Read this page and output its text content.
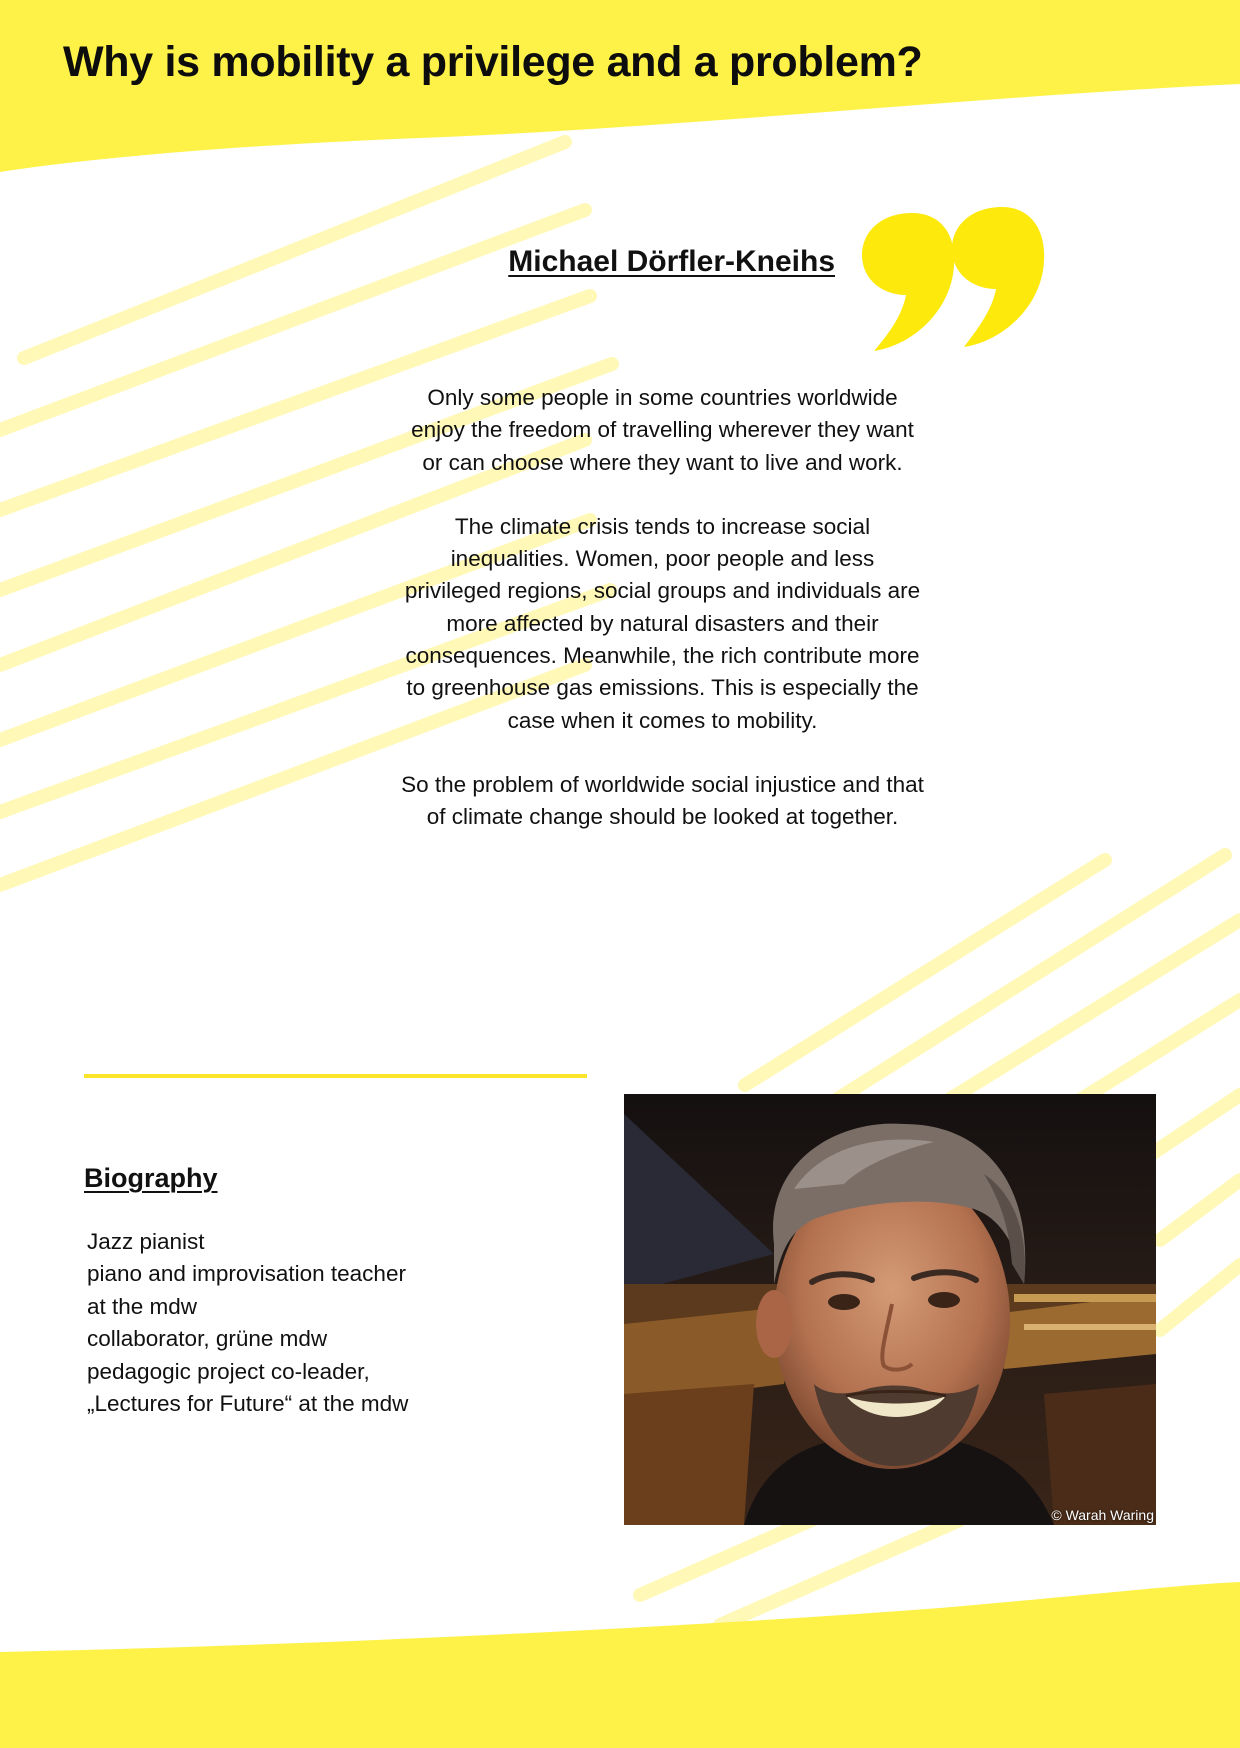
Why is mobility a privilege and a problem?
Michael Dörfler-Kneihs

Only some people in some countries worldwide enjoy the freedom of travelling wherever they want or can choose where they want to live and work.

The climate crisis tends to increase social inequalities. Women, poor people and less privileged regions, social groups and individuals are more affected by natural disasters and their consequences. Meanwhile, the rich contribute more to greenhouse gas emissions. This is especially the case when it comes to mobility.

So the problem of worldwide social injustice and that of climate change should be looked at together.

Biography
Jazz pianist
piano and improvisation teacher
at the mdw
collaborator, grüne mdw
pedagogic project co-leader,
„Lectures for Future“ at the mdw
© Warah Waring
